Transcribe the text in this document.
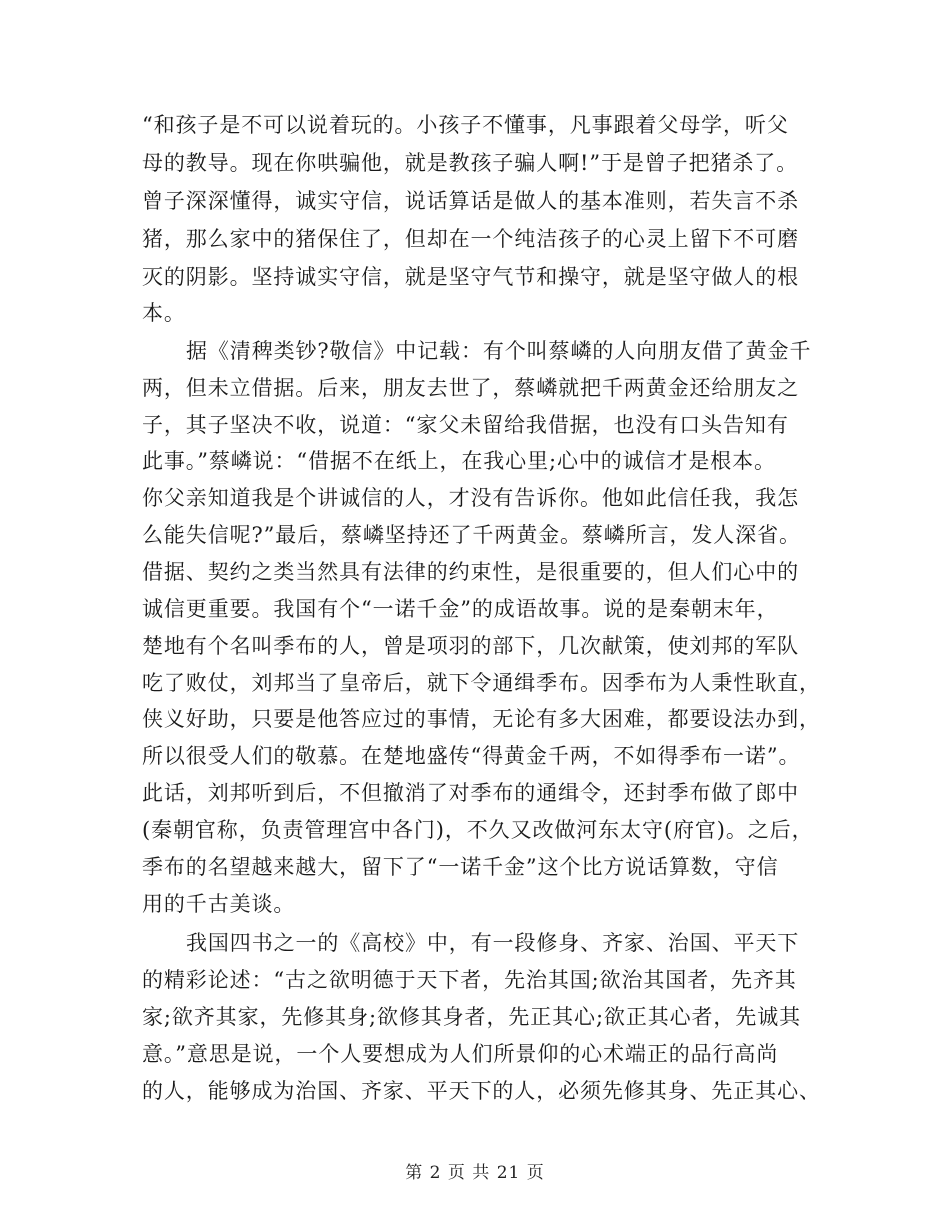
“和孩子是不可以说着玩的。小孩子不懂事，凡事跟着父母学，听父
母的教导。现在你哄骗他，就是教孩子骗人啊!”于是曾子把猪杀了。
曾子深深懂得，诚实守信，说话算话是做人的基本准则，若失言不杀
猪，那么家中的猪保住了，但却在一个纯洁孩子的心灵上留下不可磨
灭的阴影。坚持诚实守信，就是坚守气节和操守，就是坚守做人的根
本。
据《清稗类钞?敬信》中记载：有个叫蔡嶙的人向朋友借了黄金千
两，但未立借据。后来，朋友去世了，蔡嶙就把千两黄金还给朋友之
子，其子坚决不收，说道：“家父未留给我借据，也没有口头告知有
此事。”蔡嶙说：“借据不在纸上，在我心里;心中的诚信才是根本。
你父亲知道我是个讲诚信的人，才没有告诉你。他如此信任我，我怎
么能失信呢?”最后，蔡嶙坚持还了千两黄金。蔡嶙所言，发人深省。
借据、契约之类当然具有法律的约束性，是很重要的，但人们心中的
诚信更重要。我国有个“一诺千金”的成语故事。说的是秦朝末年，
楚地有个名叫季布的人，曾是项羽的部下，几次献策，使刘邦的军队
吃了败仗，刘邦当了皇帝后，就下令通缉季布。因季布为人秉性耿直，
侠义好助，只要是他答应过的事情，无论有多大困难，都要设法办到，
所以很受人们的敬慕。在楚地盛传“得黄金千两，不如得季布一诺”。
此话，刘邦听到后，不但撤消了对季布的通缉令，还封季布做了郎中
(秦朝官称，负责管理宫中各门)，不久又改做河东太守(府官)。之后，
季布的名望越来越大，留下了“一诺千金”这个比方说话算数，守信
用的千古美谈。
我国四书之一的《高校》中，有一段修身、齐家、治国、平天下
的精彩论述：“古之欲明德于天下者，先治其国;欲治其国者，先齐其
家;欲齐其家，先修其身;欲修其身者，先正其心;欲正其心者，先诚其
意。”意思是说，一个人要想成为人们所景仰的心术端正的品行高尚
的人，能够成为治国、齐家、平天下的人，必须先修其身、先正其心、
第 2 页 共 21 页
